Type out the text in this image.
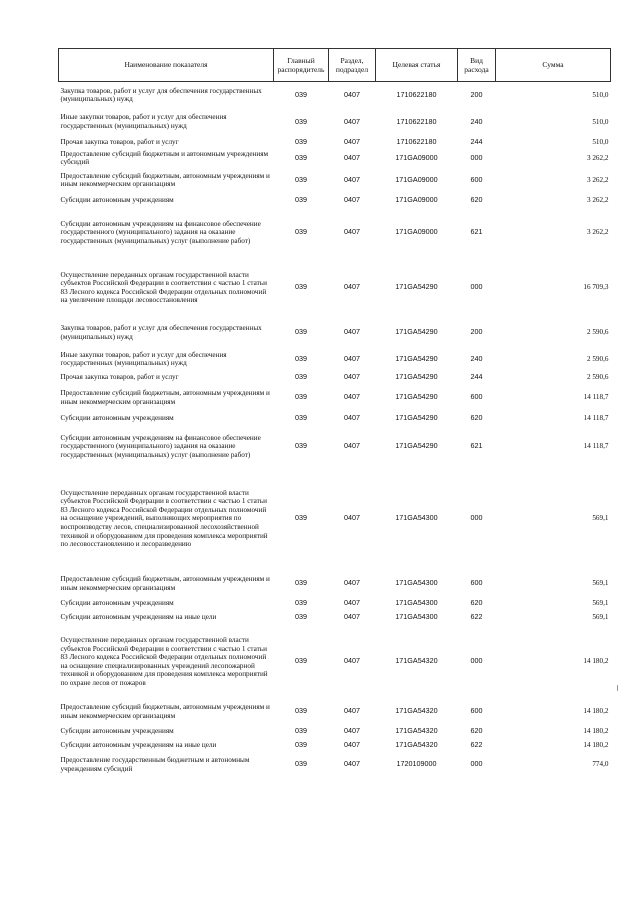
Наименование показателя	Главный распорядитель	Раздел, подраздел	Целевая статья	Вид расхода	Сумма
Закупка товаров, работ и услуг для обеспечения государственных (муниципальных) нужд	039	0407	1710622180	200	510,0
Иные закупки товаров, работ и услуг для обеспечения государственных (муниципальных) нужд	039	0407	1710622180	240	510,0
Прочая закупка товаров, работ и услуг	039	0407	1710622180	244	510,0
Предоставление субсидий бюджетным и автономным учреждениям субсидий	039	0407	171GA09000	000	3 262,2
Предоставление субсидий бюджетным, автономным учреждениям и иным некоммерческим организациям	039	0407	171GA09000	600	3 262,2
Субсидии автономным учреждениям	039	0407	171GA09000	620	3 262,2
Субсидии автономным учреждениям на финансовое обеспечение государственного (муниципального) задания на оказание государственных (муниципальных) услуг (выполнение работ)	039	0407	171GA09000	621	3 262,2
Осуществление переданных органам государственной власти субъектов Российской Федерации в соответствии с частью 1 статьи 83 Лесного кодекса Российской Федерации отдельных полномочий на увеличение площади лесовосстановления	039	0407	171GA54290	000	16 709,3
Закупка товаров, работ и услуг для обеспечения государственных (муниципальных) нужд	039	0407	171GA54290	200	2 590,6
Иные закупки товаров, работ и услуг для обеспечения государственных (муниципальных) нужд	039	0407	171GA54290	240	2 590,6
Прочая закупка товаров, работ и услуг	039	0407	171GA54290	244	2 590,6
Предоставление субсидий бюджетным, автономным учреждениям и иным некоммерческим организациям	039	0407	171GA54290	600	14 118,7
Субсидии автономным учреждениям	039	0407	171GA54290	620	14 118,7
Субсидии автономным учреждениям на финансовое обеспечение государственного (муниципального) задания на оказание государственных (муниципальных) услуг (выполнение работ)	039	0407	171GA54290	621	14 118,7
Осуществление переданных органам государственной власти субъектов Российской Федерации в соответствии с частью 1 статьи 83 Лесного кодекса Российской Федерации отдельных полномочий на оснащение учреждений, выполняющих мероприятия по воспроизводству лесов, специализированной лесохозяйственной техникой и оборудованием для проведения комплекса мероприятий по лесовосстановлению и лесоразведению	039	0407	171GA54300	000	569,1
Предоставление субсидий бюджетным, автономным учреждениям и иным некоммерческим организациям	039	0407	171GA54300	600	569,1
Субсидии автономным учреждениям	039	0407	171GA54300	620	569,1
Субсидии автономным учреждениям на иные цели	039	0407	171GA54300	622	569,1
Осуществление переданных органам государственной власти субъектов Российской Федерации в соответствии с частью 1 статьи 83 Лесного кодекса Российской Федерации отдельных полномочий на оснащение специализированных учреждений лесопожарной техникой и оборудованием для проведения комплекса мероприятий по охране лесов от пожаров	039	0407	171GA54320	000	14 180,2
Предоставление субсидий бюджетным, автономным учреждениям и иным некоммерческим организациям	039	0407	171GA54320	600	14 180,2
Субсидии автономным учреждениям	039	0407	171GA54320	620	14 180,2
Субсидии автономным учреждениям на иные цели	039	0407	171GA54320	622	14 180,2
Предоставление государственным бюджетным и автономным учреждениям субсидий	039	0407	1720109000	000	774,0
